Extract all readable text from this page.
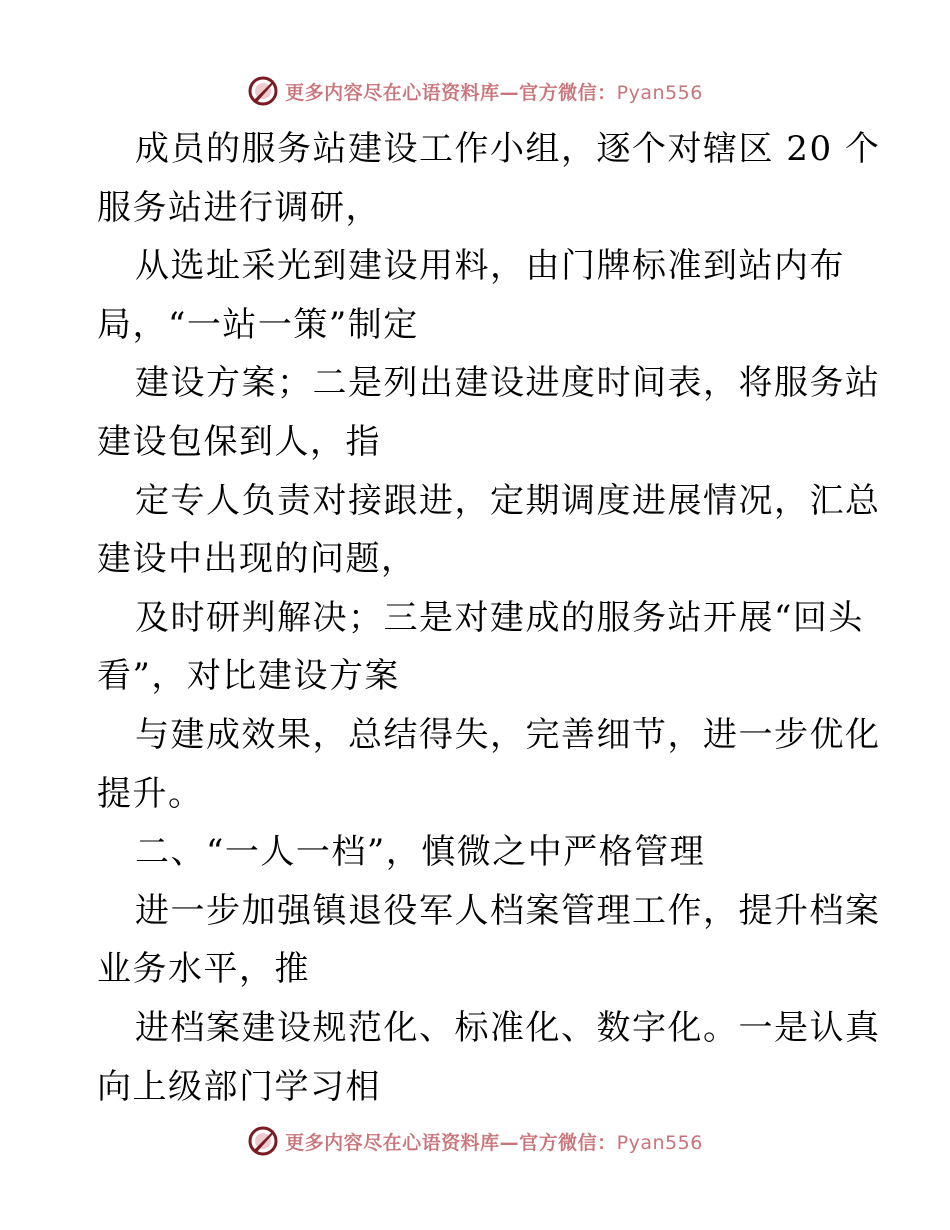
更多内容尽在心语资料库—官方微信：Pyan556
成员的服务站建设工作小组，逐个对辖区 20 个
服务站进行调研，
从选址采光到建设用料，由门牌标准到站内布
局，“一站一策”制定
建设方案；二是列出建设进度时间表，将服务站
建设包保到人，指
定专人负责对接跟进，定期调度进展情况，汇总
建设中出现的问题，
及时研判解决；三是对建成的服务站开展“回头
看”，对比建设方案
与建成效果，总结得失，完善细节，进一步优化
提升。
二、“一人一档”，慎微之中严格管理
进一步加强镇退役军人档案管理工作，提升档案
业务水平，推
进档案建设规范化、标准化、数字化。一是认真
向上级部门学习相
更多内容尽在心语资料库—官方微信：Pyan556
